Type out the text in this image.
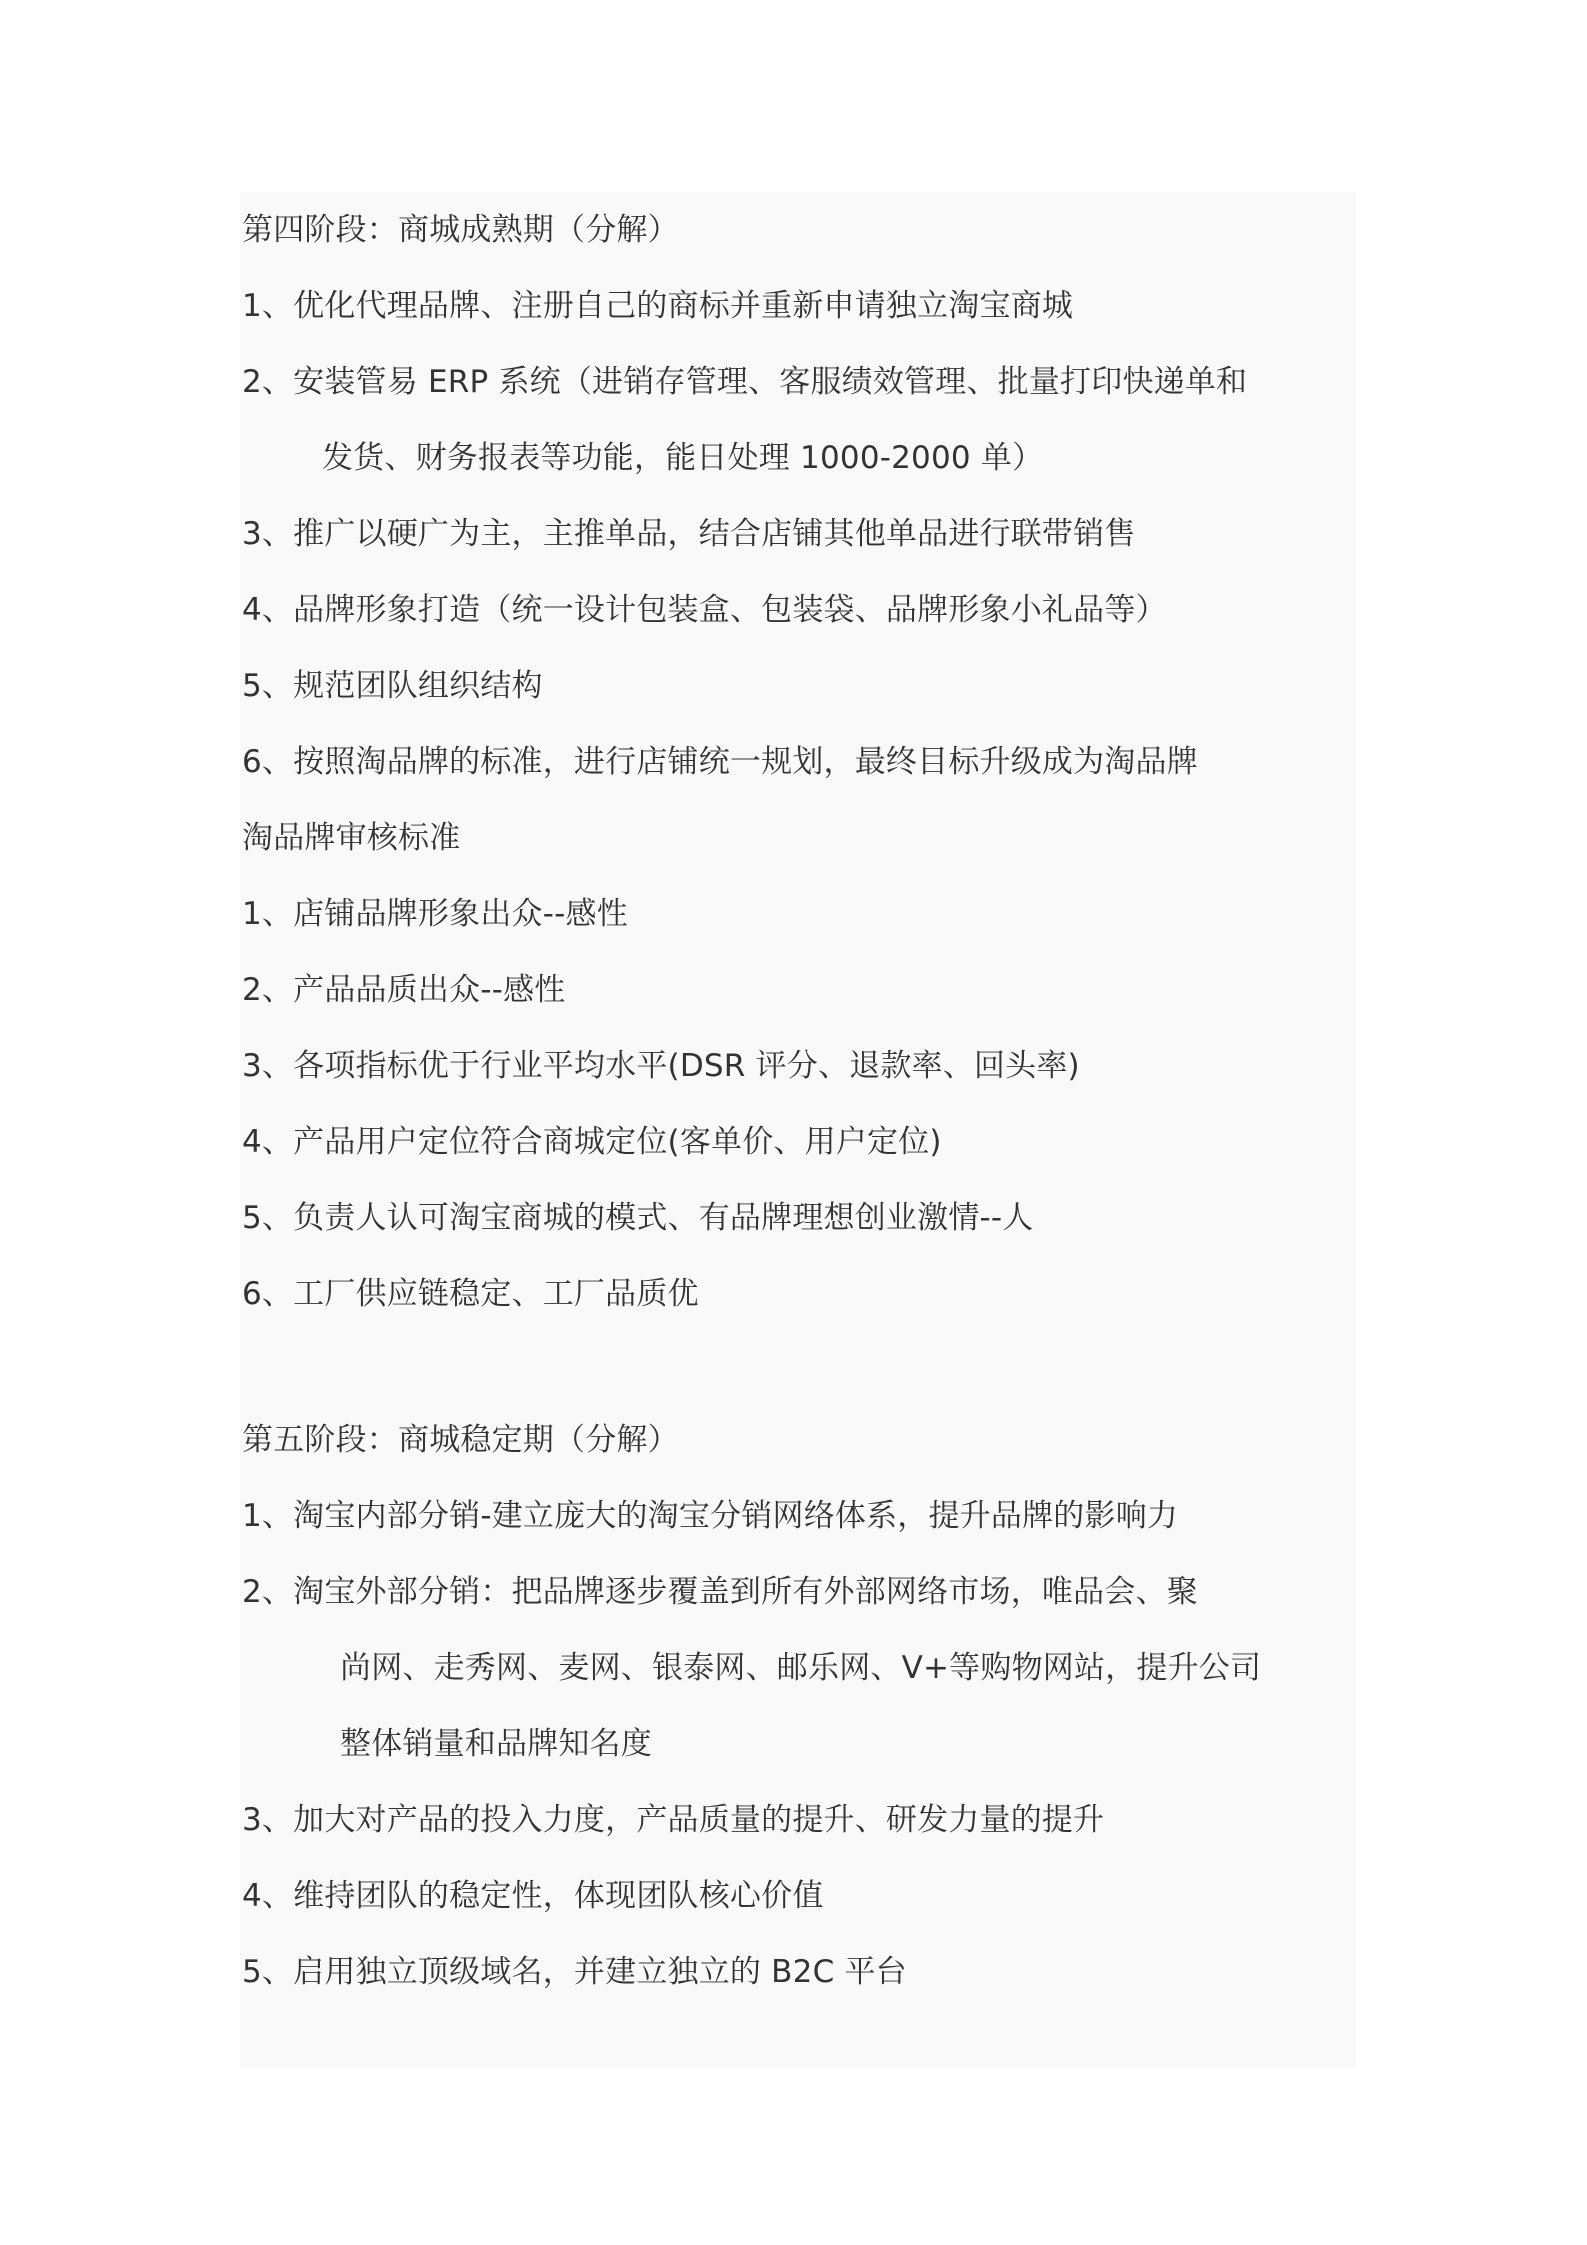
第四阶段：商城成熟期（分解）
1、优化代理品牌、注册自己的商标并重新申请独立淘宝商城
2、安装管易 ERP 系统（进销存管理、客服绩效管理、批量打印快递单和
发货、财务报表等功能，能日处理 1000-2000 单）
3、推广以硬广为主，主推单品，结合店铺其他单品进行联带销售
4、品牌形象打造（统一设计包装盒、包装袋、品牌形象小礼品等）
5、规范团队组织结构
6、按照淘品牌的标准，进行店铺统一规划，最终目标升级成为淘品牌
淘品牌审核标准
1、店铺品牌形象出众--感性
2、产品品质出众--感性
3、各项指标优于行业平均水平(DSR 评分、退款率、回头率)
4、产品用户定位符合商城定位(客单价、用户定位)
5、负责人认可淘宝商城的模式、有品牌理想创业激情--人
6、工厂供应链稳定、工厂品质优
第五阶段：商城稳定期（分解）
1、淘宝内部分销-建立庞大的淘宝分销网络体系，提升品牌的影响力
2、淘宝外部分销：把品牌逐步覆盖到所有外部网络市场，唯品会、聚
尚网、走秀网、麦网、银泰网、邮乐网、V+等购物网站，提升公司
整体销量和品牌知名度
3、加大对产品的投入力度，产品质量的提升、研发力量的提升
4、维持团队的稳定性，体现团队核心价值
5、启用独立顶级域名，并建立独立的 B2C 平台
